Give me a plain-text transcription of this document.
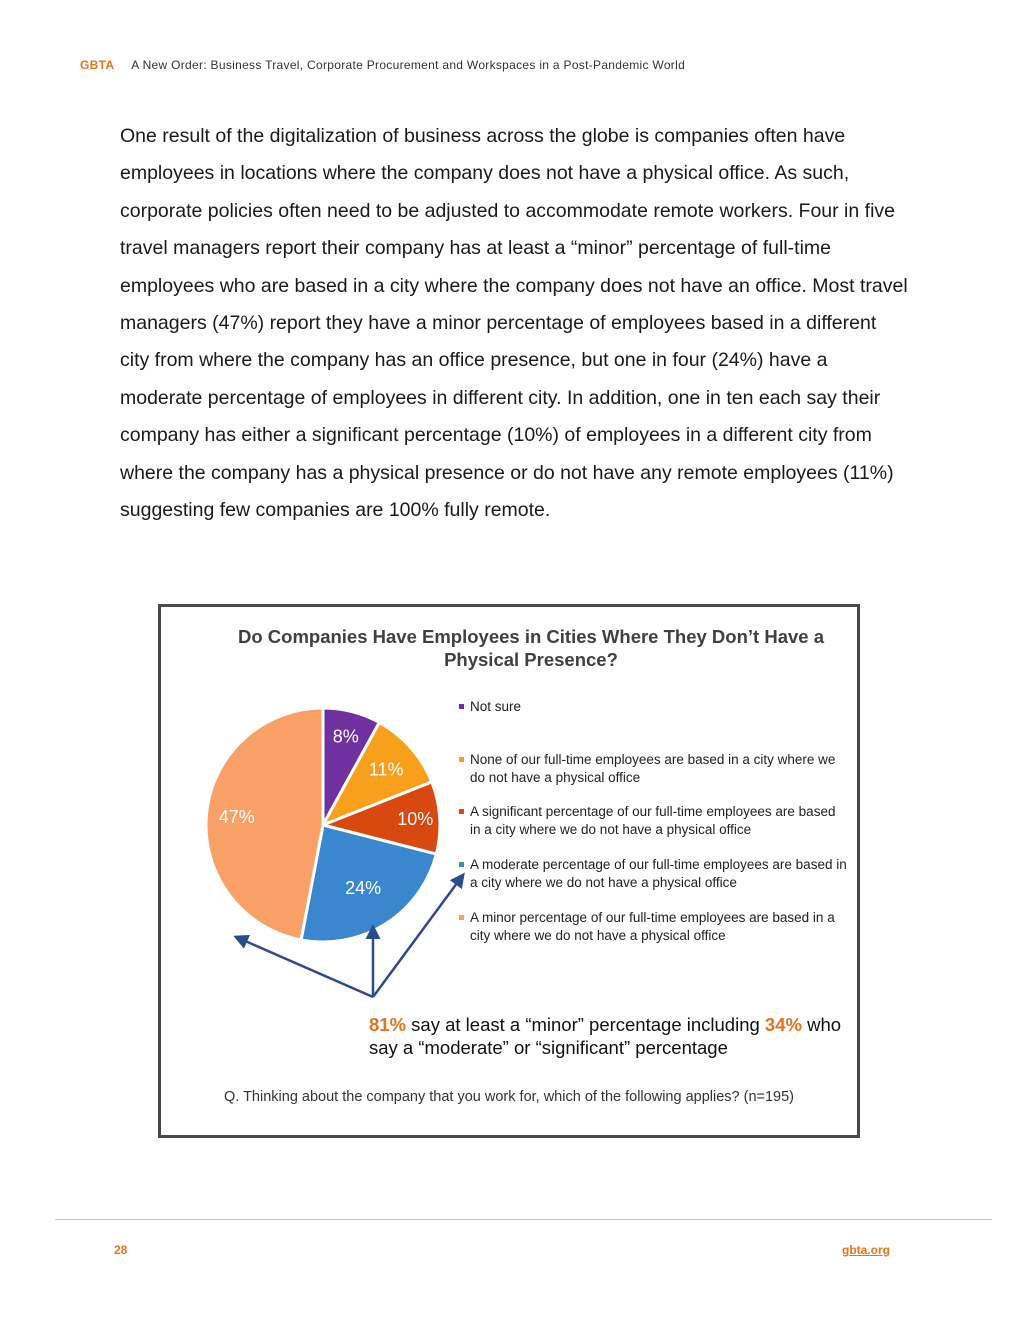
GBTA A New Order: Business Travel, Corporate Procurement and Workspaces in a Post-Pandemic World
One result of the digitalization of business across the globe is companies often have employees in locations where the company does not have a physical office. As such, corporate policies often need to be adjusted to accommodate remote workers. Four in five travel managers report their company has at least a “minor” percentage of full-time employees who are based in a city where the company does not have an office. Most travel managers (47%) report they have a minor percentage of employees based in a different city from where the company has an office presence, but one in four (24%) have a moderate percentage of employees in different city. In addition, one in ten each say their company has either a significant percentage (10%) of employees in a different city from where the company has a physical presence or do not have any remote employees (11%) suggesting few companies are 100% fully remote.
Do Companies Have Employees in Cities Where They Don’t Have a Physical Presence?
8%
11%
10%
24%
47%
Not sure
None of our full-time employees are based in a city where we do not have a physical office
A significant percentage of our full-time employees are based in a city where we do not have a physical office
A moderate percentage of our full-time employees are based in a city where we do not have a physical office
A minor percentage of our full-time employees are based in a city where we do not have a physical office
81% say at least a “minor” percentage including 34% who say a “moderate” or “significant” percentage
Q. Thinking about the company that you work for, which of the following applies? (n=195)
28	gbta.org
